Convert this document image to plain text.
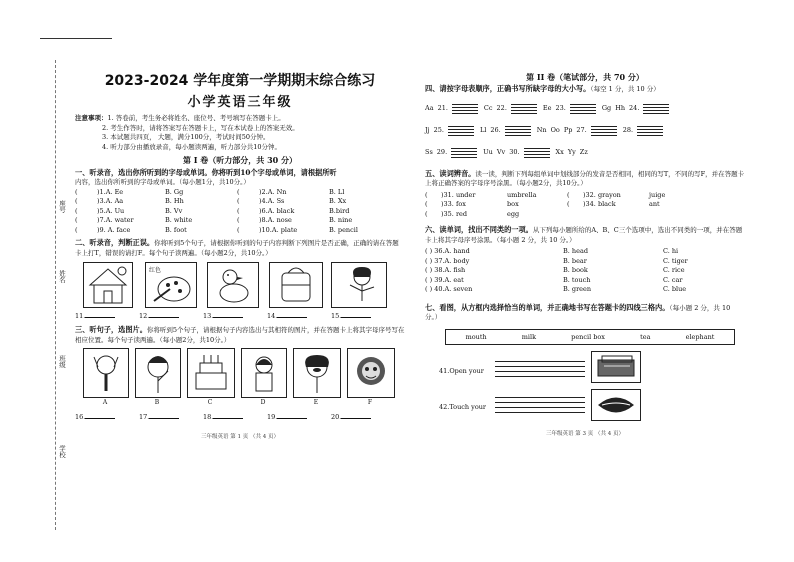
座号
姓名
班级
学校
2023-2024 学年度第一学期期末综合练习
小学英语三年级
注意事项：1. 答卷前，考生务必将姓名、座位号、考号填写在答题卡上。
2. 考生作答时，请将答案写在答题卡上，写在本试卷上的答案无效。
3. 本试题共四页， 大题，满分100分，考试时间50分钟。
4. 听力部分由播放录音，每小题读两遍，听力部分共10分钟。
第 I 卷（听力部分，共 30 分）
一、听录音，选出你所听到的字母或单词。你将听到10个字母或单词，请根据所听
内容，选出你所听到的字母或单词。（每小题1分，共10分。）
(	)1.A. Ee	B. Gg	(	)2.A. Nn	B. Ll
(	)3.A. Aa	B. Hh	(	)4.A. Ss	B. Xx
(	)5.A. Uu	B. Vv	(	)6.A. black	B.bird
(	)7.A. water	B. white	(	)8.A. nose	B. nine
(	)9. A. face	B. foot	(	)10.A. plate	B. pencil
二、听录音，判断正误。你将听到5个句子，请根据你听到的句子内容判断下列图片是否正确，正确的请在答题卡上打T，错误的请打F。每个句子读两遍。（每小题2分，共10分。）
红色
11.	12.	13.	14.	15.
三、听句子，选图片。你将听到5个句子，请根据句子内容选出与其相符的图片，并在答题卡上将其字母序号写在相应位置。每个句子读两遍。（每小题2分，共10分。）
A	B	C	D	E	F
16.	17.	18.	19.	20.
三年级英语 第 1 页 （共 4 页）
第 II 卷（笔试部分，共 70 分）
四、请按字母表顺序，正确书写所缺字母的大小写。（每空 1 分，共 10 分）
Aa 21.	Cc 22.	Ee 23.	Gg Hh 24.
Jj 25.	Ll 26.	Nn Oo Pp 27.	28.
Ss 29.	Uu Vv 30.	Xx Yy Zz
五、读词辨音。读一读，判断下列每组单词中划线部分的发音是否相同，相同的写T，不同的写F，并在答题卡上将正确答案的字母序号涂黑。（每小题2分，共10分。）
(	)31. under	umbrella	(	)32. grayon	juige
(	)33. fox	box	(	)34. black	ant
(	)35. red	egg
六、读单词，找出不同类的一项。从下列每小题所给的A、B、C三个选项中，选出不同类的一项，并在答题卡上将其字母序号涂黑。（每小题 2 分，共 10 分。）
( ) 36.A. hand	B. head	C. hi
( ) 37.A. body	B. bear	C. tiger
( ) 38.A. fish	B. book	C. rice
( ) 39.A. eat	B. touch	C. car
( ) 40.A. seven	B. green	C. blue
七、看图，从方框内选择恰当的单词，并正确地书写在答题卡的四线三格内。（每小题 2 分，共 10 分。）
mouth	milk	pencil box	tea	elephant
41.Open your
42.Touch your
三年级英语 第 3 页 （共 4 页）
